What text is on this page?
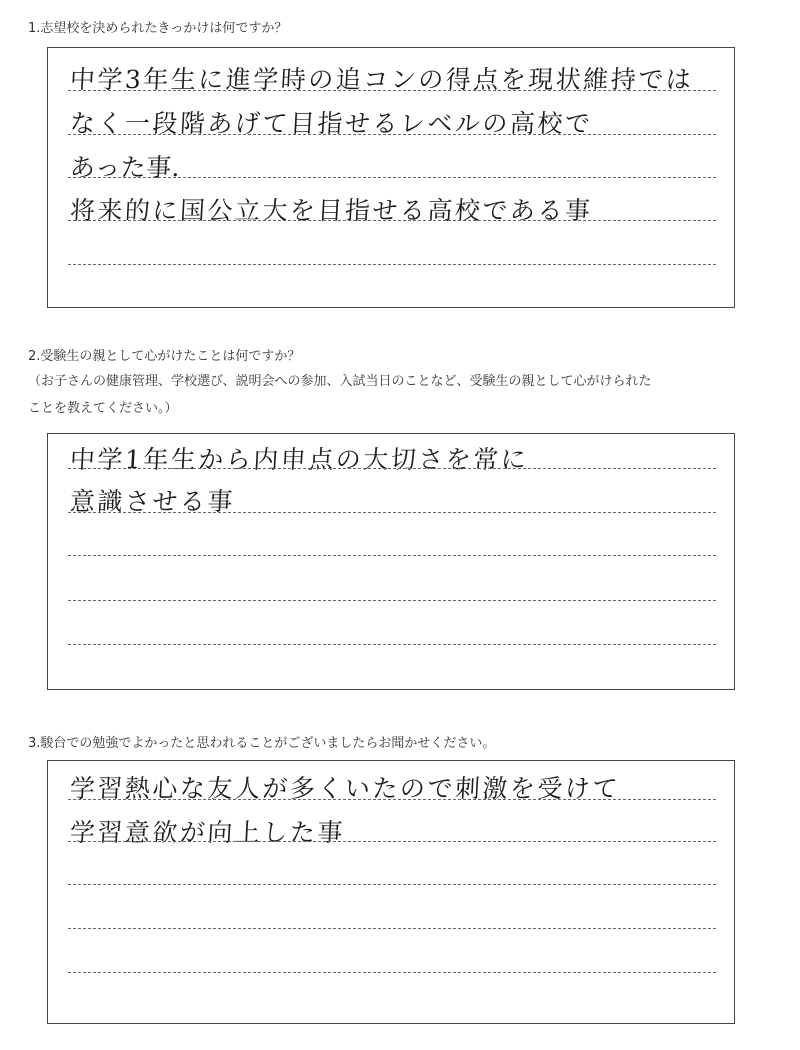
1.志望校を決められたきっかけは何ですか？
中学3年生に進学時の追コンの得点を現状維持では
なく一段階あげて目指せるレベルの高校で
あった事.
将来的に国公立大を目指せる高校である事
2.受験生の親として心がけたことは何ですか？
（お子さんの健康管理、学校選び、説明会への参加、入試当日のことなど、受験生の親として心がけられた
ことを教えてください。）
中学1年生から内申点の大切さを常に
意識させる事
3.駿台での勉強でよかったと思われることがございましたらお聞かせください。
学習熱心な友人が多くいたので刺激を受けて
学習意欲が向上した事
